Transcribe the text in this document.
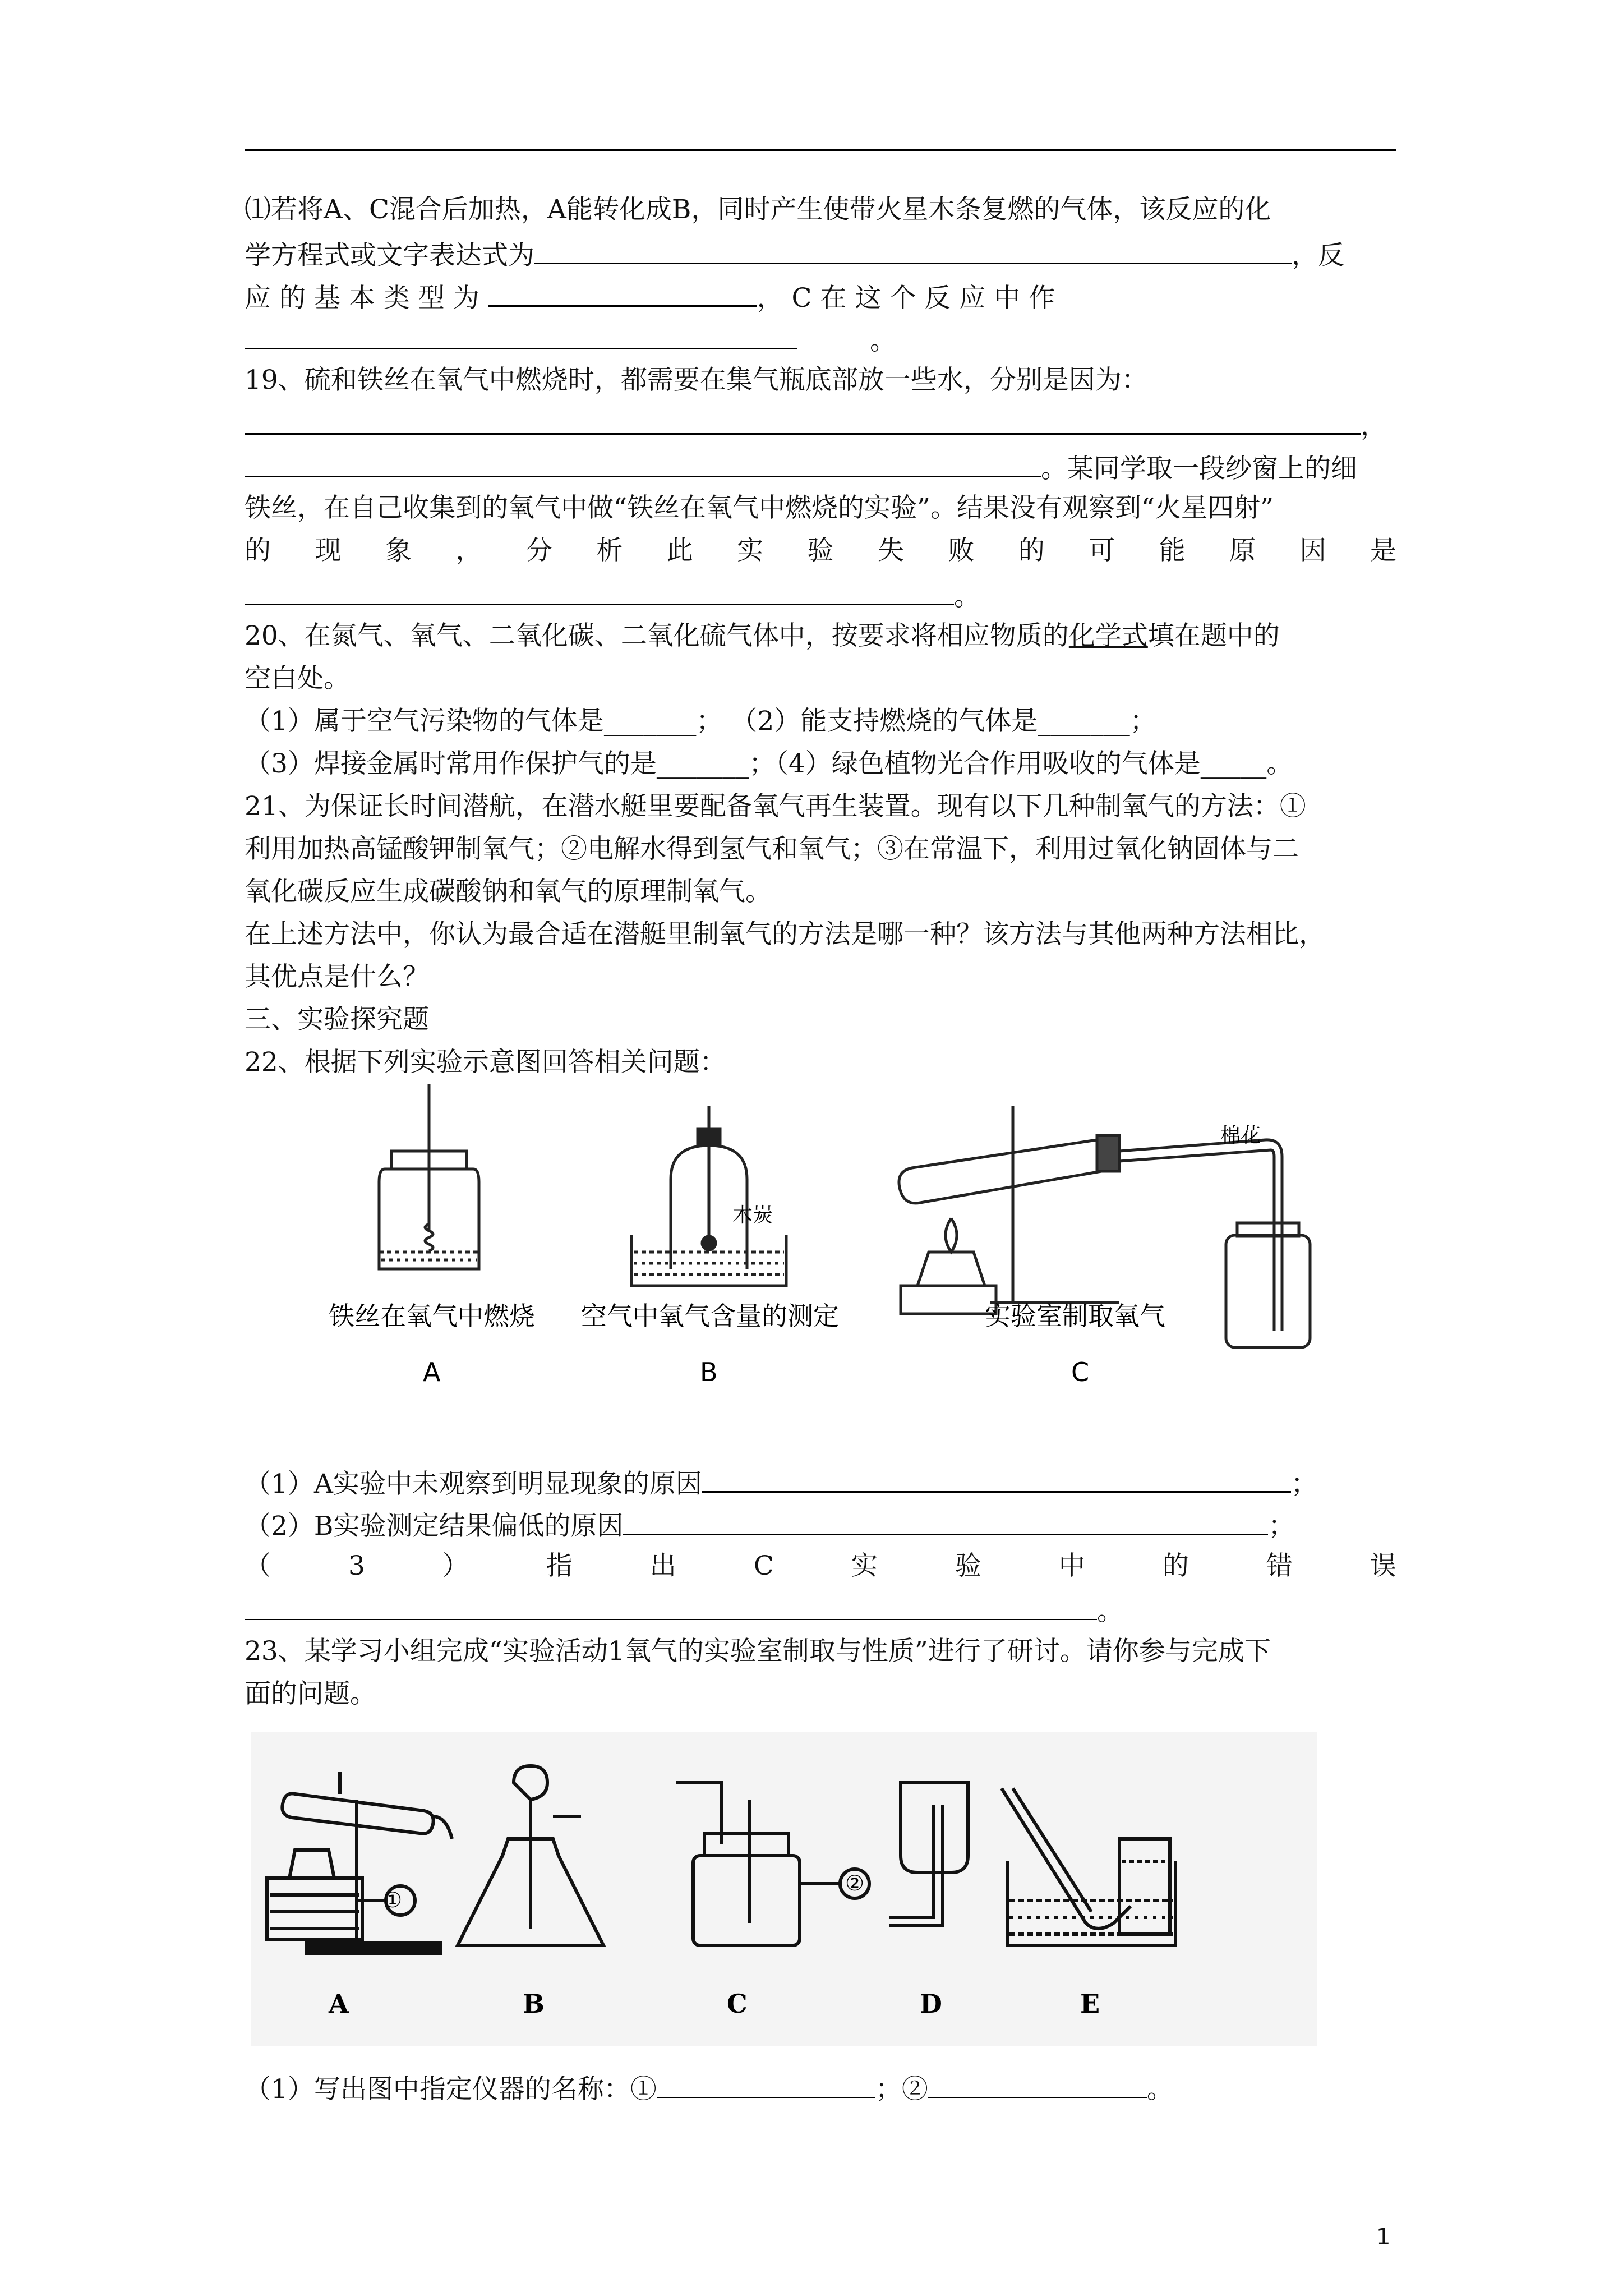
⑴若将A、C混合后加热，A能转化成B，同时产生使带火星木条复燃的气体，该反应的化

学方程式或文字表达式为	，反

应 的 基 本 类 型 为	， C 在 这 个 反 应 中 作

。

19、硫和铁丝在氧气中燃烧时，都需要在集气瓶底部放一些水，分别是因为：

，

。某同学取一段纱窗上的细

铁丝，在自己收集到的氧气中做“铁丝在氧气中燃烧的实验”。结果没有观察到“火星四射”

的 现 象 ， 分 析 此 实 验 失 败 的 可 能 原 因 是

。

20、在氮气、氧气、二氧化碳、二氧化硫气体中，按要求将相应物质的化学式填在题中的

空白处。

（1）属于空气污染物的气体是_______； （2）能支持燃烧的气体是_______；

（3）焊接金属时常用作保护气的是_______；（4）绿色植物光合作用吸收的气体是_____。

21、为保证长时间潜航，在潜水艇里要配备氧气再生装置。现有以下几种制氧气的方法：①

利用加热高锰酸钾制氧气；②电解水得到氢气和氧气；③在常温下，利用过氧化钠固体与二

氧化碳反应生成碳酸钠和氧气的原理制氧气。

在上述方法中，你认为最合适在潜艇里制氧气的方法是哪一种？该方法与其他两种方法相比，

其优点是什么？

三、实验探究题

22、根据下列实验示意图回答相关问题：

棉花
木炭
铁丝在氧气中燃烧 空气中氧气含量的测定	实验室制取氧气
A	B	C

（1）A实验中未观察到明显现象的原因	；

（2）B实验测定结果偏低的原因	；

（	3	）	指	出	C	实	验	中	的	错	误

。

23、某学习小组完成“实验活动1氧气的实验室制取与性质”进行了研讨。请你参与完成下

面的问题。

①
②
A	B	C	D	E

（1）写出图中指定仪器的名称：①	；②	。

1
